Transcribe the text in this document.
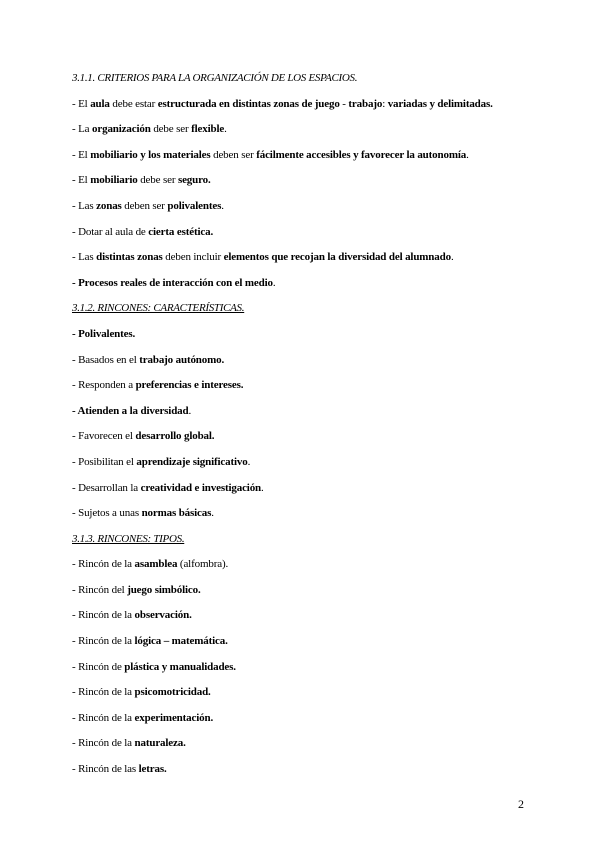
3.1.1. CRITERIOS PARA LA ORGANIZACIÓN DE LOS ESPACIOS.
- El aula debe estar estructurada en distintas zonas de juego - trabajo: variadas y delimitadas.
- La organización debe ser flexible.
- El mobiliario y los materiales deben ser fácilmente accesibles y favorecer la autonomía.
- El mobiliario debe ser seguro.
- Las zonas deben ser polivalentes.
- Dotar al aula de cierta estética.
- Las distintas zonas deben incluir elementos que recojan la diversidad del alumnado.
- Procesos reales de interacción con el medio.
3.1.2. RINCONES: CARACTERÍSTICAS.
- Polivalentes.
- Basados en el trabajo autónomo.
- Responden a preferencias e intereses.
- Atienden a la diversidad.
- Favorecen el desarrollo global.
- Posibilitan el aprendizaje significativo.
- Desarrollan la creatividad e investigación.
- Sujetos a unas normas básicas.
3.1.3. RINCONES: TIPOS.
- Rincón de la asamblea (alfombra).
- Rincón del juego simbólico.
- Rincón de la observación.
- Rincón de la lógica – matemática.
- Rincón de plástica y manualidades.
- Rincón de la psicomotricidad.
- Rincón de la experimentación.
- Rincón de la naturaleza.
- Rincón de las letras.
2
